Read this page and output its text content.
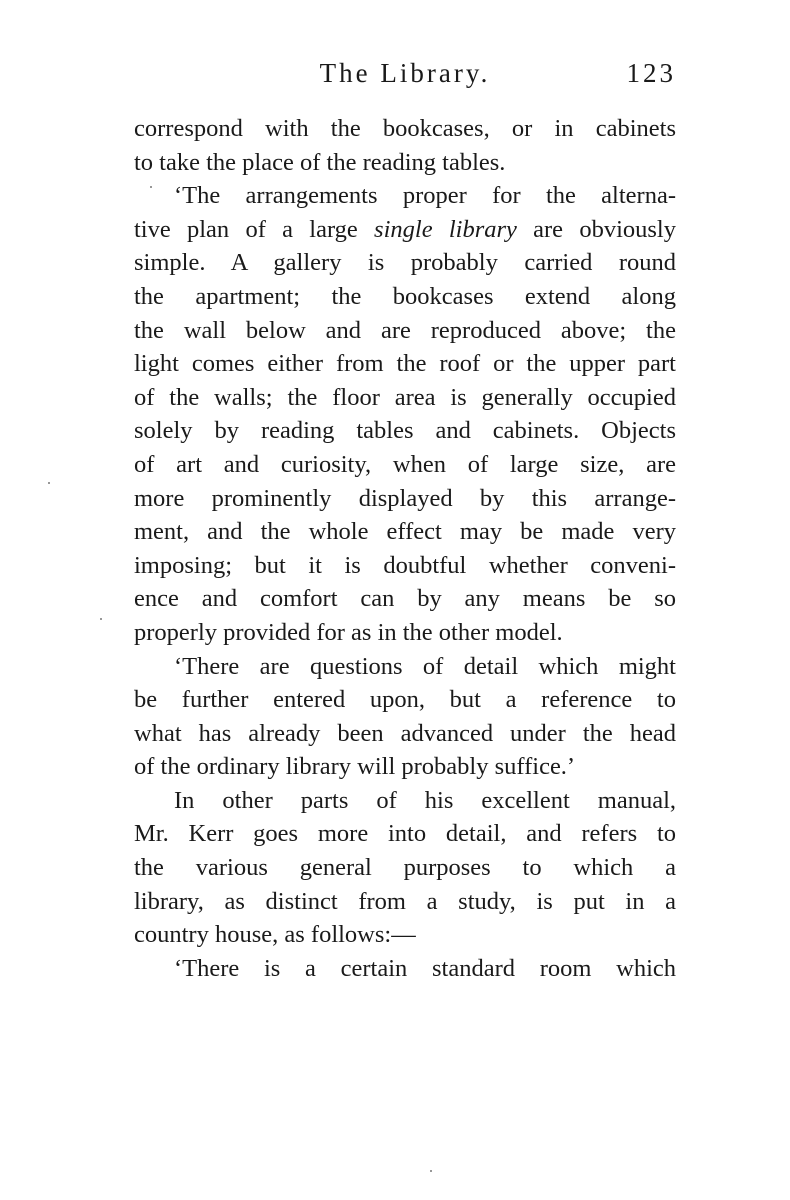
The Library.	123
correspond with the bookcases, or in cabinets
to take the place of the reading tables.
‘The arrangements proper for the alterna-
tive plan of a large single library are obviously
simple. A gallery is probably carried round
the apartment; the bookcases extend along
the wall below and are reproduced above; the
light comes either from the roof or the upper part
of the walls; the floor area is generally occupied
solely by reading tables and cabinets. Objects
of art and curiosity, when of large size, are
more prominently displayed by this arrange-
ment, and the whole effect may be made very
imposing; but it is doubtful whether conveni-
ence and comfort can by any means be so
properly provided for as in the other model.
‘There are questions of detail which might
be further entered upon, but a reference to
what has already been advanced under the head
of the ordinary library will probably suffice.’
In other parts of his excellent manual,
Mr. Kerr goes more into detail, and refers to
the various general purposes to which a
library, as distinct from a study, is put in a
country house, as follows:—
‘There is a certain standard room which
